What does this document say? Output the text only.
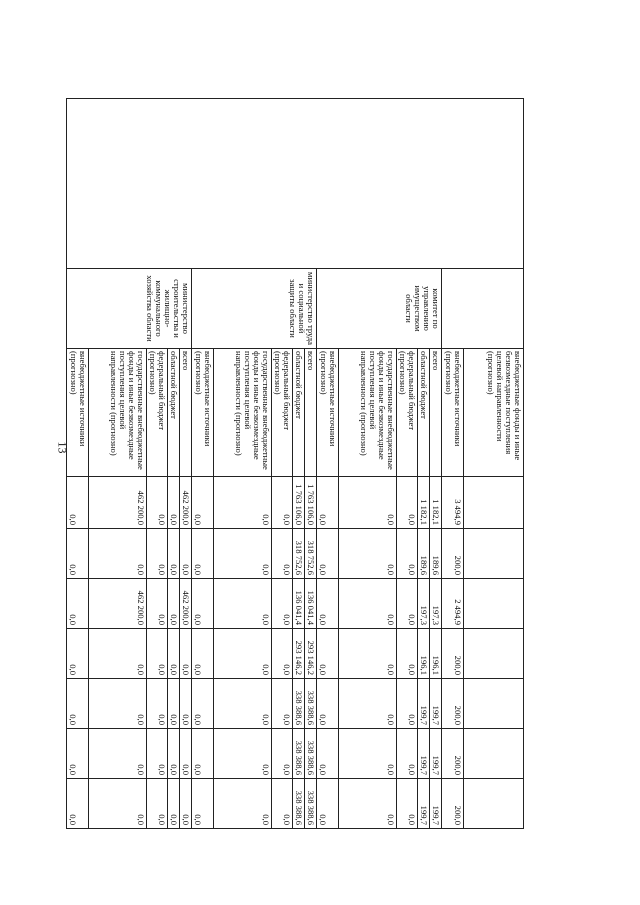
13
			внебюджетные фонды и иные безвозмездные поступления целевой направленности (прогнозно)							
		внебюджетные источники (прогнозно)	3 494,9	200,0	2 494,9	200,0	200,0	200,0	200,0
	комитет по управлению имуществом области	всего	1 182,1	189,6	197,3	196,1	199,7	199,7	199,7
		областной бюджет	1 182,1	189,6	197,3	196,1	199,7	199,7	199,7
		федеральный бюджет (прогнозно)	0,0	0,0	0,0	0,0	0,0	0,0	0,0
		государственные внебюджетные фонды и иные безвозмездные поступления целевой направленности (прогнозно)	0,0	0,0	0,0	0,0	0,0	0,0	0,0
		внебюджетные источники (прогнозно)	0,0	0,0	0,0	0,0	0,0	0,0	0,0
	министерство труда и социальной защиты области	всего	1 763 106,0	318 752,6	136 041,4	293 146,2	338 388,6	338 388,6	338 388,6
		областной бюджет	1 763 106,0	318 752,6	136 041,4	293 146,2	338 388,6	338 388,6	338 388,6
		федеральный бюджет (прогнозно)	0,0	0,0	0,0	0,0	0,0	0,0	0,0
		государственные внебюджетные фонды и иные безвозмездные поступления целевой направленности (прогнозно)	0,0	0,0	0,0	0,0	0,0	0,0	0,0
		внебюджетные источники (прогнозно)	0,0	0,0	0,0	0,0	0,0	0,0	0,0
	министерство строительства и жилищно-коммунального хозяйства области	всего	462 200,0	0,0	462 200,0	0,0	0,0	0,0	0,0
		областной бюджет	0,0	0,0	0,0	0,0	0,0	0,0	0,0
		федеральный бюджет (прогнозно)	0,0	0,0	0,0	0,0	0,0	0,0	0,0
		государственные внебюджетные фонды и иные безвозмездные поступления целевой направленности (прогнозно)	462 200,0	0,0	462 200,0	0,0	0,0	0,0	0,0
		внебюджетные источники (прогнозно)	0,0	0,0	0,0	0,0	0,0	0,0	0,0
